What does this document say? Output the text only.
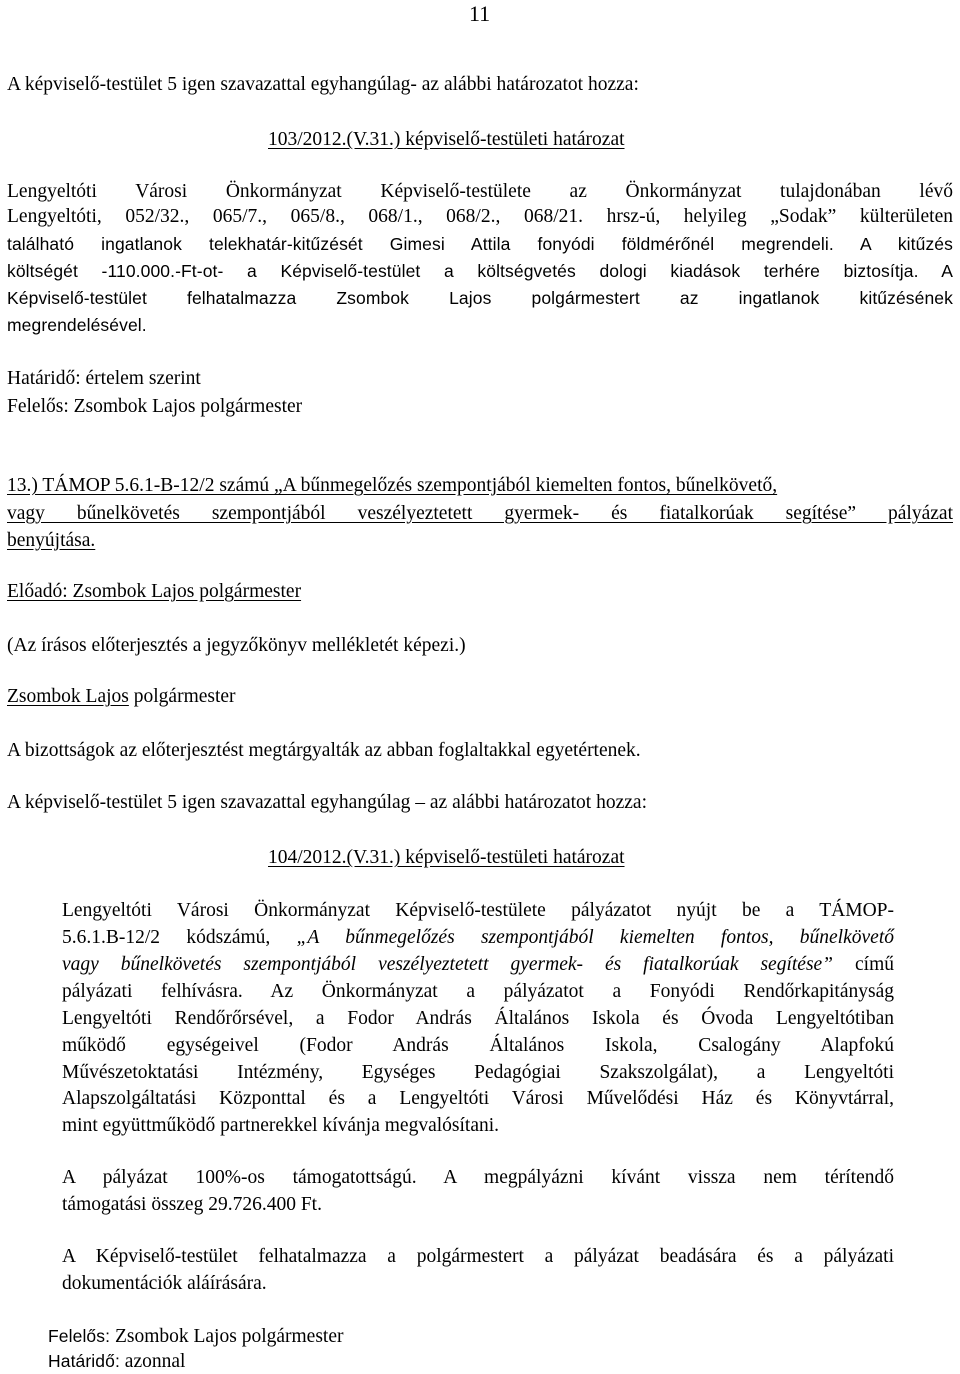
11
A képviselő-testület 5 igen szavazattal egyhangúlag- az alábbi határozatot hozza:
103/2012.(V.31.) képviselő-testületi határozat
Lengyeltóti Városi Önkormányzat Képviselő-testülete az Önkormányzat tulajdonában lévő
Lengyeltóti, 052/32., 065/7., 065/8., 068/1., 068/2., 068/21. hrsz-ú, helyileg „Sodak” külterületen
található ingatlanok telekhatár-kitűzését Gimesi Attila fonyódi földmérőnél megrendeli. A kitűzés
költségét -110.000.-Ft-ot- a Képviselő-testület a költségvetés dologi kiadások terhére biztosítja. A
Képviselő-testület felhatalmazza Zsombok Lajos polgármestert az ingatlanok kitűzésének
megrendelésével.
Határidő: értelem szerint
Felelős: Zsombok Lajos polgármester
13.) TÁMOP 5.6.1-B-12/2 számú „A bűnmegelőzés szempontjából kiemelten fontos, bűnelkövető,
vagy bűnelkövetés szempontjából veszélyeztetett gyermek- és fiatalkorúak segítése” pályázat
benyújtása.
Előadó: Zsombok Lajos polgármester
(Az írásos előterjesztés a jegyzőkönyv mellékletét képezi.)
Zsombok Lajos polgármester
A bizottságok az előterjesztést megtárgyalták az abban foglaltakkal egyetértenek.
A képviselő-testület 5 igen szavazattal egyhangúlag – az alábbi határozatot hozza:
104/2012.(V.31.) képviselő-testületi határozat
Lengyeltóti Városi Önkormányzat Képviselő-testülete pályázatot nyújt be a TÁMOP-
5.6.1.B-12/2 kódszámú, „A bűnmegelőzés szempontjából kiemelten fontos, bűnelkövető
vagy bűnelkövetés szempontjából veszélyeztetett gyermek- és fiatalkorúak segítése” című
pályázati felhívásra. Az Önkormányzat a pályázatot a Fonyódi Rendőrkapitányság
Lengyeltóti Rendőrőrsével, a Fodor András Általános Iskola és Óvoda Lengyeltótiban
működő egységeivel (Fodor András Általános Iskola, Csalogány Alapfokú
Művészetoktatási Intézmény, Egységes Pedagógiai Szakszolgálat), a Lengyeltóti
Alapszolgáltatási Központtal és a Lengyeltóti Városi Művelődési Ház és Könyvtárral,
mint együttműködő partnerekkel kívánja megvalósítani.
A pályázat 100%-os támogatottságú. A megpályázni kívánt vissza nem térítendő
támogatási összeg 29.726.400 Ft.
A Képviselő-testület felhatalmazza a polgármestert a pályázat beadására és a pályázati
dokumentációk aláírására.
Felelős: Zsombok Lajos polgármester
Határidő: azonnal
